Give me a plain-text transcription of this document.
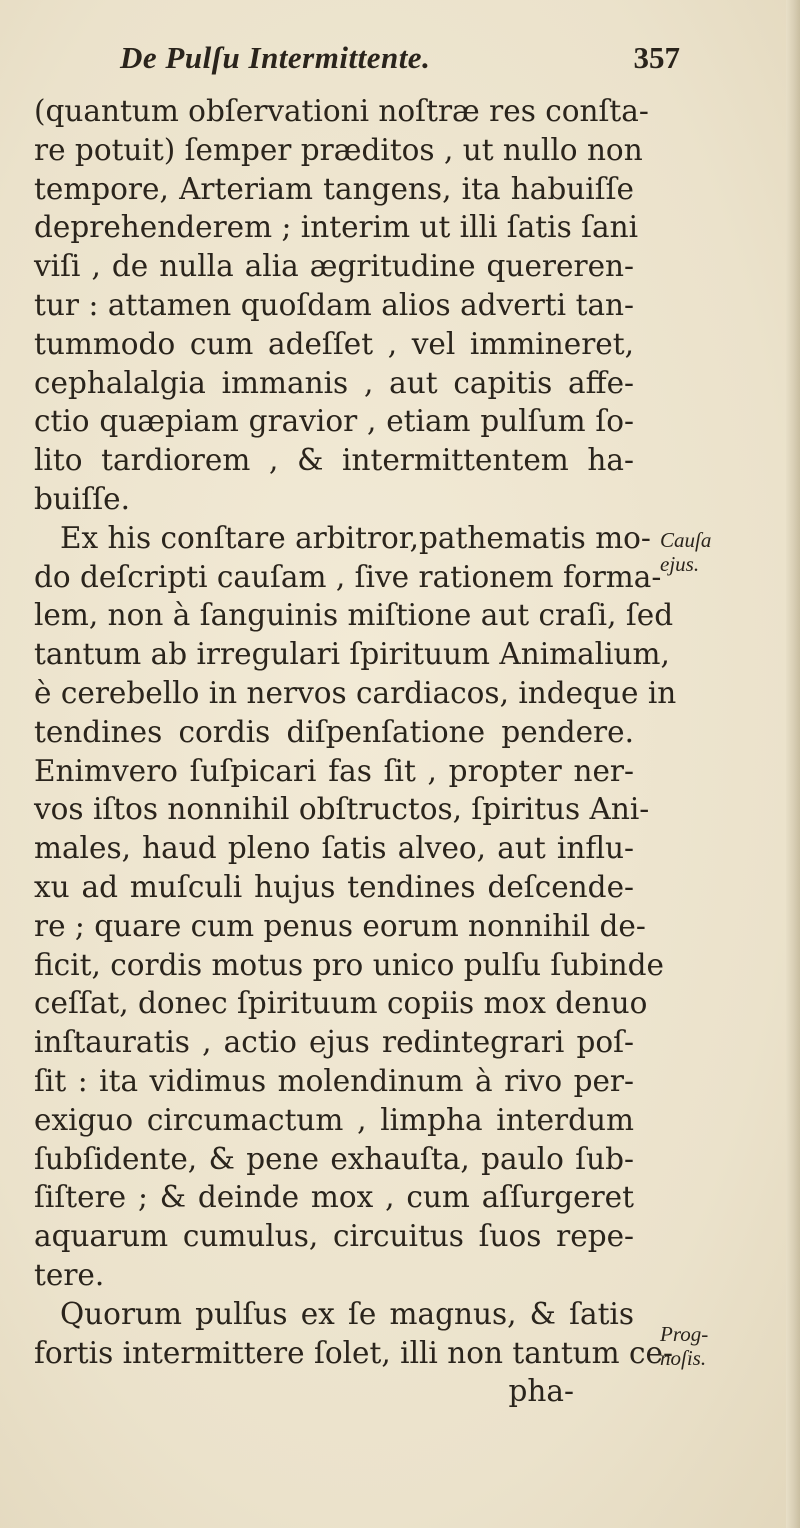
De Pulſu Intermittente.	357
(quantum obſervationi noſtræ res conſta-
re potuit) ſemper præditos , ut nullo non
tempore, Arteriam tangens, ita habuiſſe
deprehenderem ; interim ut illi ſatis ſani
viſi , de nulla alia ægritudine quereren-
tur : attamen quoſdam alios adverti tan-
tummodo cum adeſſet , vel immineret,
cephalalgia immanis , aut capitis affe-
ctio quæpiam gravior , etiam pulſum ſo-
lito tardiorem , & intermittentem ha-
buiſſe.
Ex his conſtare arbitror,pathematis mo-
do deſcripti cauſam , ſive rationem forma-
lem, non à ſanguinis miſtione aut craſi, ſed
tantum ab irregulari ſpirituum Animalium,
è cerebello in nervos cardiacos, indeque in
tendines cordis diſpenſatione pendere.
Enimvero ſuſpicari fas ſit , propter ner-
vos iſtos nonnihil obſtructos, ſpiritus Ani-
males, haud pleno ſatis alveo, aut influ-
xu ad muſculi hujus tendines deſcende-
re ; quare cum penus eorum nonnihil de-
ficit, cordis motus pro unico pulſu ſubinde
ceſſat, donec ſpirituum copiis mox denuo
inſtauratis , actio ejus redintegrari poſ-
ſit : ita vidimus molendinum à rivo per-
exiguo circumactum , limpha interdum
ſubſidente, & pene exhauſta, paulo ſub-
ſiſtere ; & deinde mox , cum aſſurgeret
aquarum cumulus, circuitus ſuos repe-
tere.
Quorum pulſus ex ſe magnus, & ſatis
fortis intermittere ſolet, illi non tantum ce-
pha-
Cauſa
ejus.
Prog-
noſis.
